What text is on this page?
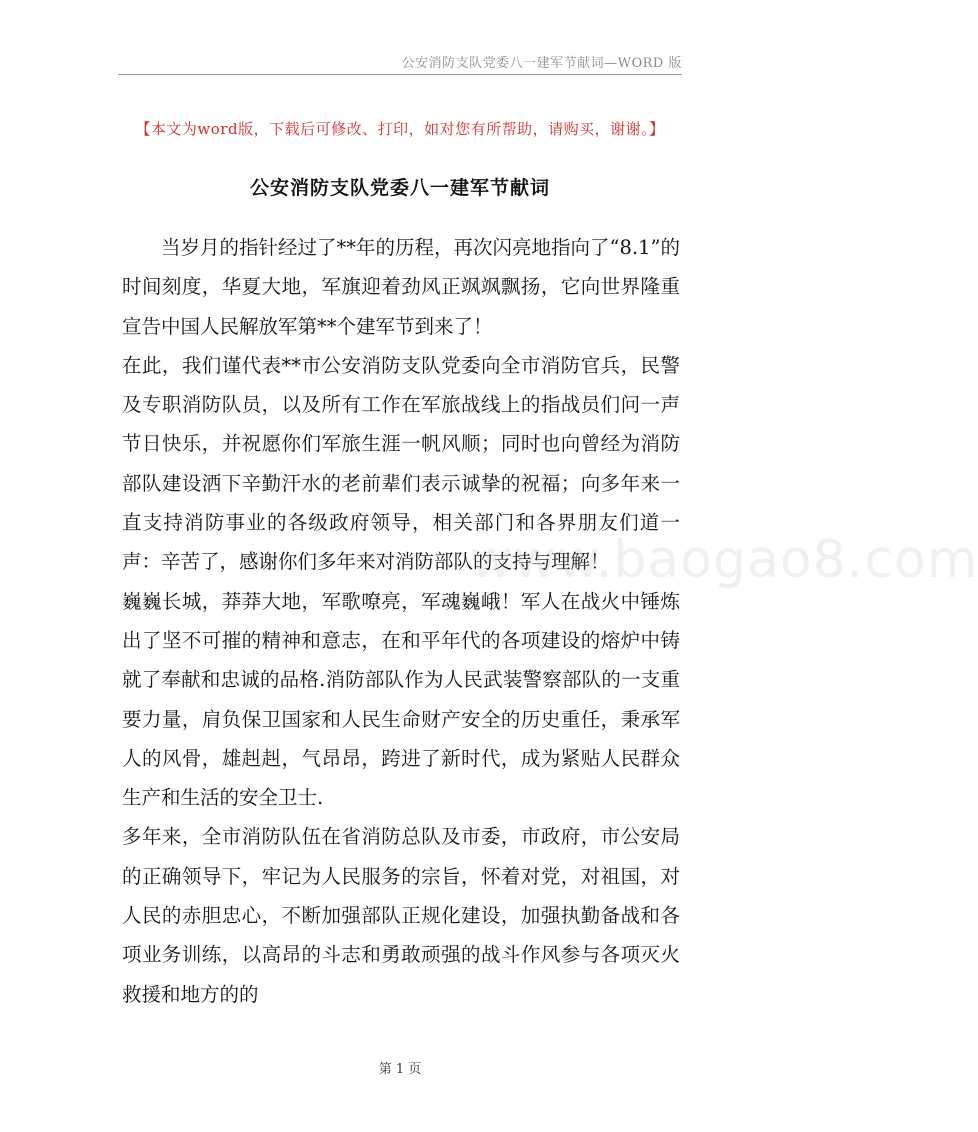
公安消防支队党委八一建军节献词—WORD 版
【本文为word版，下载后可修改、打印，如对您有所帮助，请购买，谢谢。】
公安消防支队党委八一建军节献词

当岁月的指针经过了**年的历程，再次闪亮地指向了“8.1”的时间刻度，华夏大地，军旗迎着劲风正飒飒飘扬，它向世界隆重宣告中国人民解放军第**个建军节到来了！

在此，我们谨代表**市公安消防支队党委向全市消防官兵，民警及专职消防队员，以及所有工作在军旅战线上的指战员们问一声节日快乐，并祝愿你们军旅生涯一帆风顺；同时也向曾经为消防部队建设洒下辛勤汗水的老前辈们表示诚挚的祝福；向多年来一直支持消防事业的各级政府领导，相关部门和各界朋友们道一声：辛苦了，感谢你们多年来对消防部队的支持与理解！

巍巍长城，莽莽大地，军歌嘹亮，军魂巍峨！军人在战火中锤炼出了坚不可摧的精神和意志，在和平年代的各项建设的熔炉中铸就了奉献和忠诚的品格.消防部队作为人民武装警察部队的一支重要力量，肩负保卫国家和人民生命财产安全的历史重任，秉承军人的风骨，雄赳赳，气昂昂，跨进了新时代，成为紧贴人民群众生产和生活的安全卫士.

多年来，全市消防队伍在省消防总队及市委，市政府，市公安局的正确领导下，牢记为人民服务的宗旨，怀着对党，对祖国，对人民的赤胆忠心，不断加强部队正规化建设，加强执勤备战和各项业务训练，以高昂的斗志和勇敢顽强的战斗作风参与各项灭火救援和地方的的

www.baogao8.com
第 1 页
